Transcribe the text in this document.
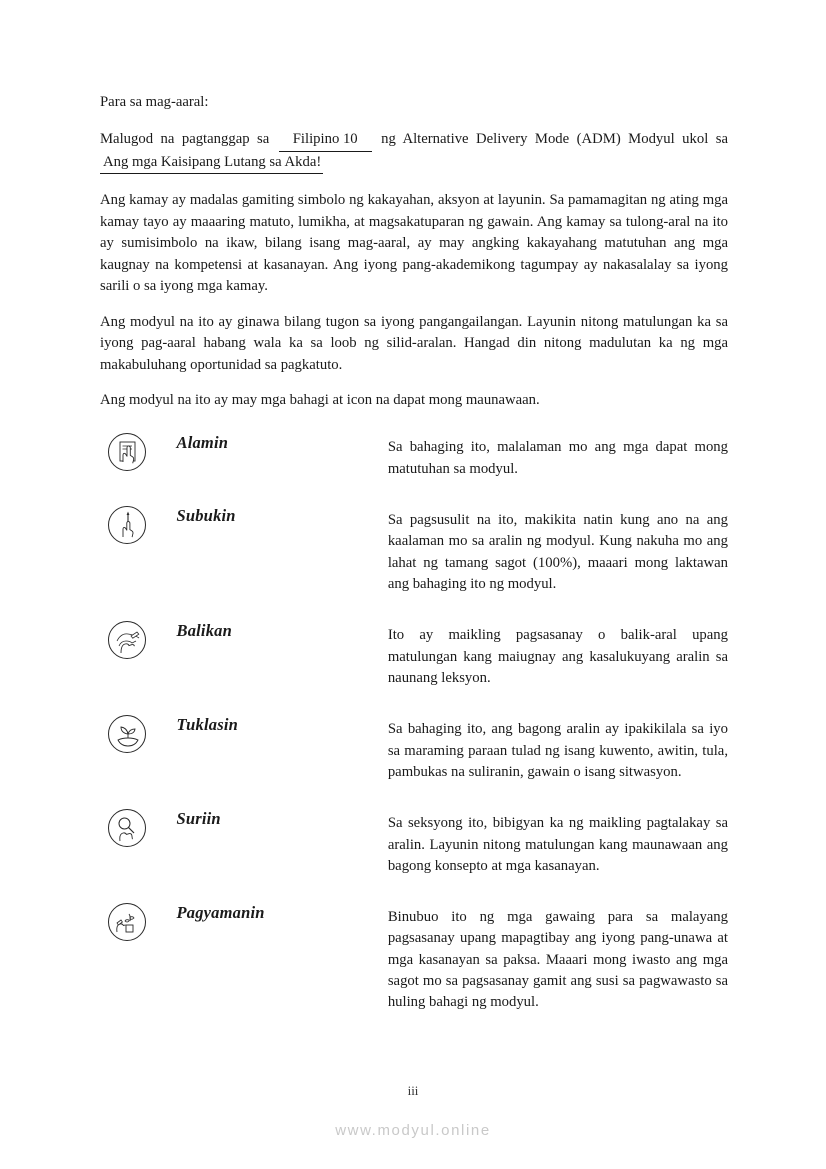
Para sa mag-aaral:

Malugod na pagtanggap sa Filipino 10 ng Alternative Delivery Mode (ADM) Modyul ukol sa Ang mga Kaisipang Lutang sa Akda!

Ang kamay ay madalas gamiting simbolo ng kakayahan, aksyon at layunin. Sa pamamagitan ng ating mga kamay tayo ay maaaring matuto, lumikha, at magsakatuparan ng gawain. Ang kamay sa tulong-aral na ito ay sumisimbolo na ikaw, bilang isang mag-aaral, ay may angking kakayahang matutuhan ang mga kaugnay na kompetensi at kasanayan. Ang iyong pang-akademikong tagumpay ay nakasalalay sa iyong sarili o sa iyong mga kamay.

Ang modyul na ito ay ginawa bilang tugon sa iyong pangangailangan. Layunin nitong matulungan ka sa iyong pag-aaral habang wala ka sa loob ng silid-aralan. Hangad din nitong madulutan ka ng mga makabuluhang oportunidad sa pagkatuto.

Ang modyul na ito ay may mga bahagi at icon na dapat mong maunawaan.

	Alamin	Sa bahaging ito, malalaman mo ang mga dapat mong matutuhan sa modyul.

	Subukin	Sa pagsusulit na ito, makikita natin kung ano na ang kaalaman mo sa aralin ng modyul. Kung nakuha mo ang lahat ng tamang sagot (100%), maaari mong laktawan ang bahaging ito ng modyul.

	Balikan	Ito ay maikling pagsasanay o balik-aral upang matulungan kang maiugnay ang kasalukuyang aralin sa naunang leksyon.

	Tuklasin	Sa bahaging ito, ang bagong aralin ay ipakikilala sa iyo sa maraming paraan tulad ng isang kuwento, awitin, tula, pambukas na suliranin, gawain o isang sitwasyon.

	Suriin	Sa seksyong ito, bibigyan ka ng maikling pagtalakay sa aralin. Layunin nitong matulungan kang maunawaan ang bagong konsepto at mga kasanayan.

	Pagyamanin	Binubuo ito ng mga gawaing para sa malayang pagsasanay upang mapagtibay ang iyong pang-unawa at mga kasanayan sa paksa. Maaari mong iwasto ang mga sagot mo sa pagsasanay gamit ang susi sa pagwawasto sa huling bahagi ng modyul.
iii
www.modyul.online
